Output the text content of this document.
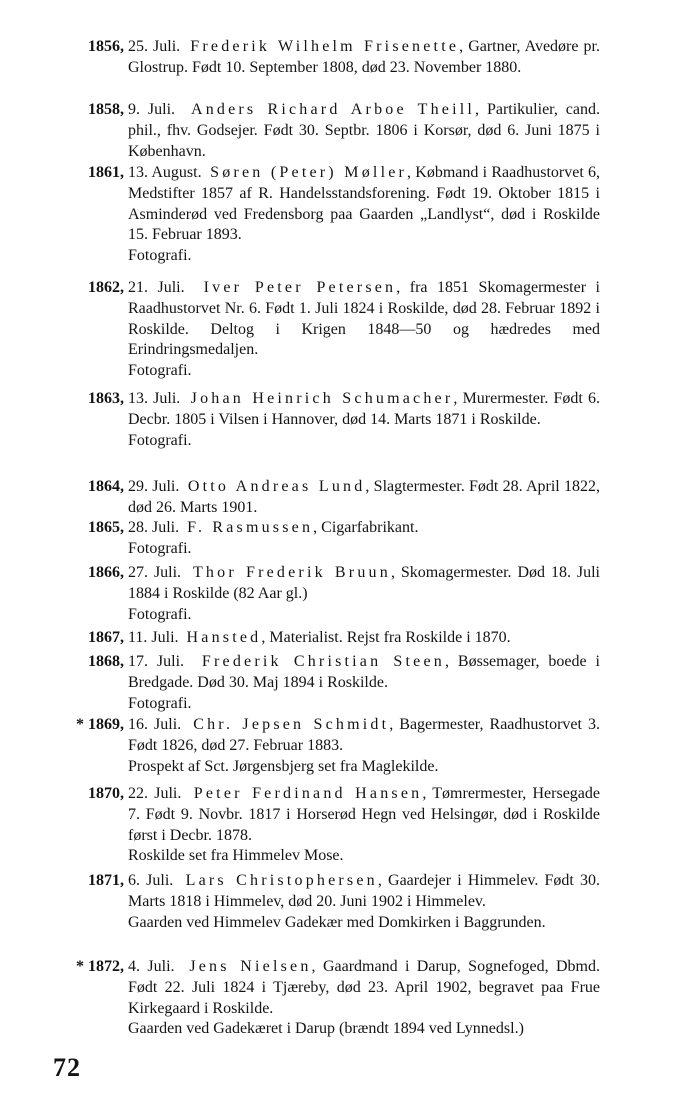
1856, 25. Juli. Frederik Wilhelm Frisenette, Gartner, Avedøre pr. Glostrup. Født 10. September 1808, død 23. November 1880.
1858, 9. Juli. Anders Richard Arboe Theill, Partikulier, cand. phil., fhv. Godsejer. Født 30. Septbr. 1806 i Korsør, død 6. Juni 1875 i København.
1861, 13. August. Søren (Peter) Møller, Købmand i Raadhustorvet 6, Medstifter 1857 af R. Handelsstandsforening. Født 19. Oktober 1815 i Asminderød ved Fredensborg paa Gaarden „Landlyst“, død i Roskilde 15. Februar 1893.
Fotografi.
1862, 21. Juli. Iver Peter Petersen, fra 1851 Skomagermester i Raadhustorvet Nr. 6. Født 1. Juli 1824 i Roskilde, død 28. Februar 1892 i Roskilde. Deltog i Krigen 1848—50 og hædredes med Erindringsmedaljen.
Fotografi.
1863, 13. Juli. Johan Heinrich Schumacher, Murermester. Født 6. Decbr. 1805 i Vilsen i Hannover, død 14. Marts 1871 i Roskilde.
Fotografi.
1864, 29. Juli. Otto Andreas Lund, Slagtermester. Født 28. April 1822, død 26. Marts 1901.
1865, 28. Juli. F. Rasmussen, Cigarfabrikant.
Fotografi.
1866, 27. Juli. Thor Frederik Bruun, Skomagermester. Død 18. Juli 1884 i Roskilde (82 Aar gl.)
Fotografi.
1867, 11. Juli. Hansted, Materialist. Rejst fra Roskilde i 1870.
1868, 17. Juli. Frederik Christian Steen, Bøssemager, boede i Bredgade. Død 30. Maj 1894 i Roskilde.
Fotografi.
* 1869, 16. Juli. Chr. Jepsen Schmidt, Bagermester, Raadhustorvet 3. Født 1826, død 27. Februar 1883.
Prospekt af Sct. Jørgensbjerg set fra Maglekilde.
1870, 22. Juli. Peter Ferdinand Hansen, Tømrermester, Hersegade 7. Født 9. Novbr. 1817 i Horserød Hegn ved Helsingør, død i Roskilde først i Decbr. 1878.
Roskilde set fra Himmelev Mose.
1871, 6. Juli. Lars Christophersen, Gaardejer i Himmelev. Født 30. Marts 1818 i Himmelev, død 20. Juni 1902 i Himmelev.
Gaarden ved Himmelev Gadekær med Domkirken i Baggrunden.
* 1872, 4. Juli. Jens Nielsen, Gaardmand i Darup, Sognefoged, Dbmd. Født 22. Juli 1824 i Tjæreby, død 23. April 1902, begravet paa Frue Kirkegaard i Roskilde.
Gaarden ved Gadekæret i Darup (brændt 1894 ved Lynnedsl.)
72
